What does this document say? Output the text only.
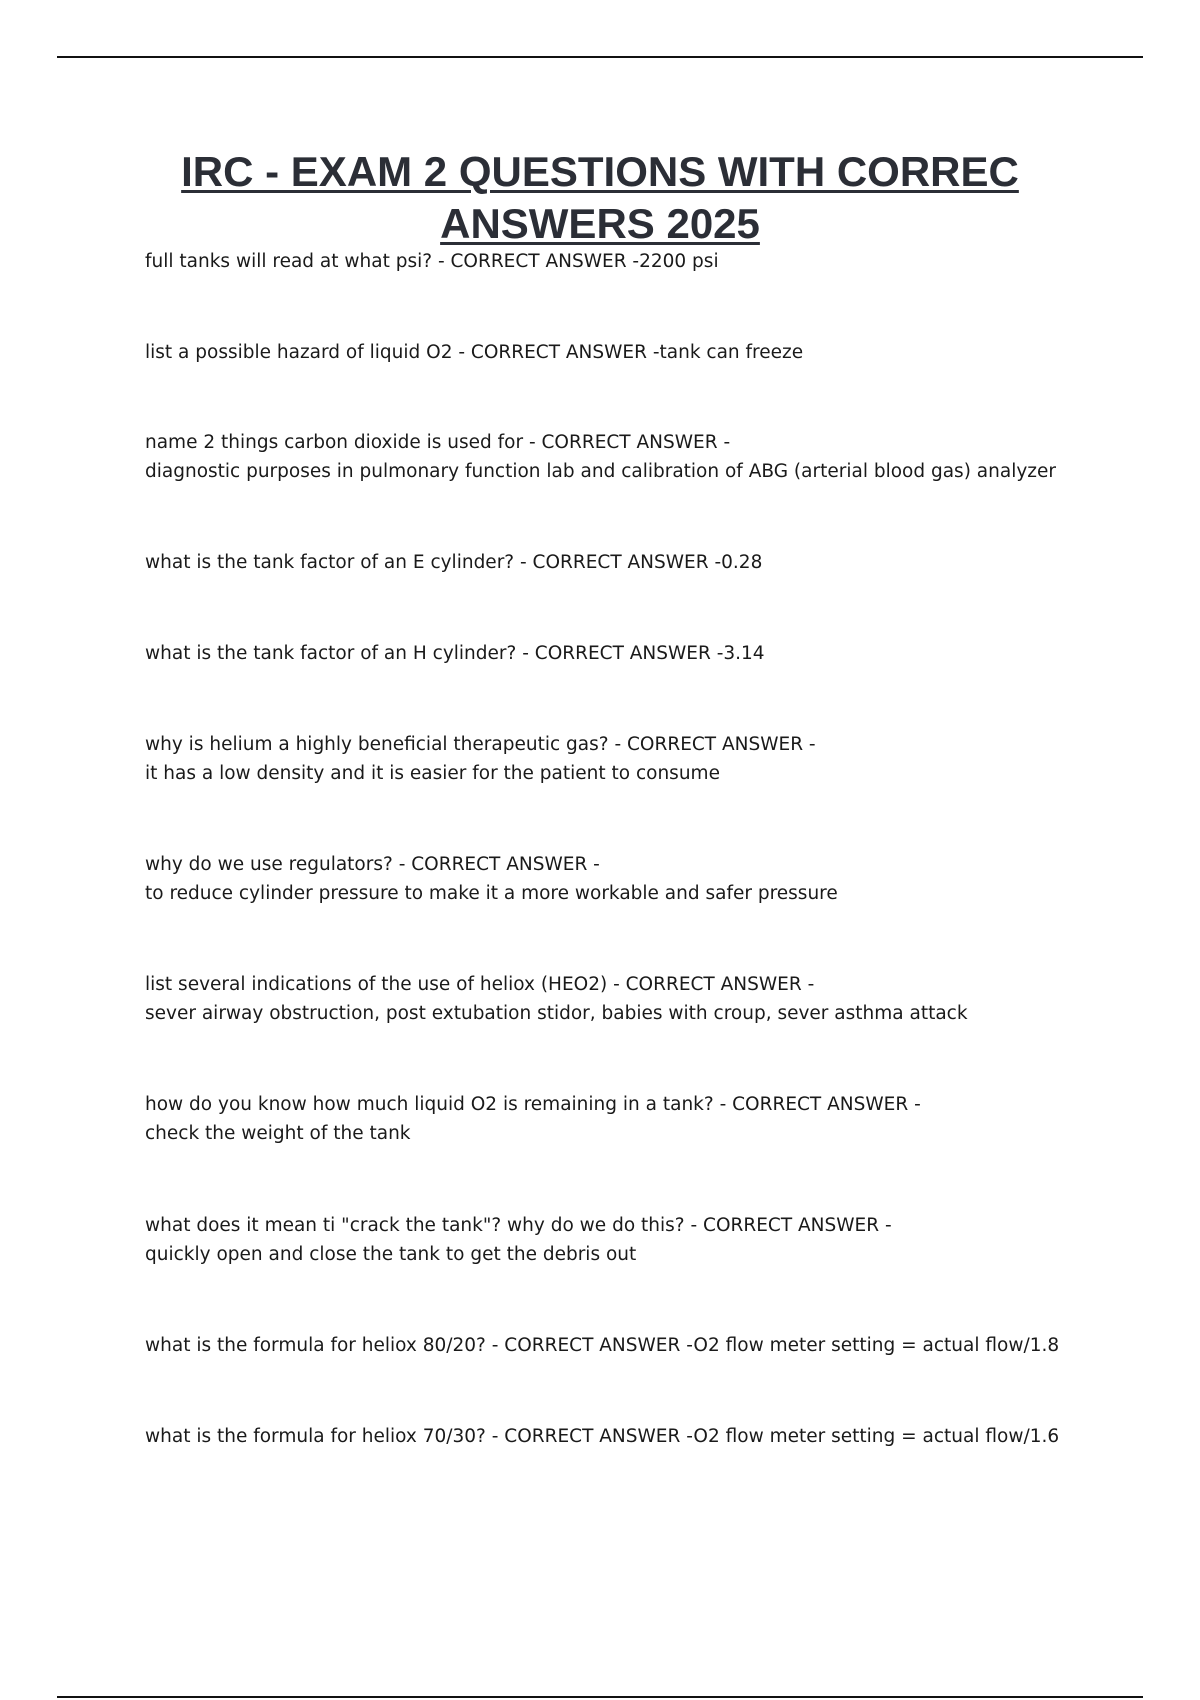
IRC - EXAM 2 QUESTIONS WITH CORREC
ANSWERS 2025
full tanks will read at what psi? - CORRECT ANSWER -2200 psi
list a possible hazard of liquid O2 - CORRECT ANSWER -tank can freeze
name 2 things carbon dioxide is used for - CORRECT ANSWER -
diagnostic purposes in pulmonary function lab and calibration of ABG (arterial blood gas) analyzer
what is the tank factor of an E cylinder? - CORRECT ANSWER -0.28
what is the tank factor of an H cylinder? - CORRECT ANSWER -3.14
why is helium a highly beneficial therapeutic gas? - CORRECT ANSWER -
it has a low density and it is easier for the patient to consume
why do we use regulators? - CORRECT ANSWER -
to reduce cylinder pressure to make it a more workable and safer pressure
list several indications of the use of heliox (HEO2) - CORRECT ANSWER -
sever airway obstruction, post extubation stidor, babies with croup, sever asthma attack
how do you know how much liquid O2 is remaining in a tank? - CORRECT ANSWER -
check the weight of the tank
what does it mean ti "crack the tank"? why do we do this? - CORRECT ANSWER -
quickly open and close the tank to get the debris out
what is the formula for heliox 80/20? - CORRECT ANSWER -O2 flow meter setting = actual flow/1.8
what is the formula for heliox 70/30? - CORRECT ANSWER -O2 flow meter setting = actual flow/1.6
